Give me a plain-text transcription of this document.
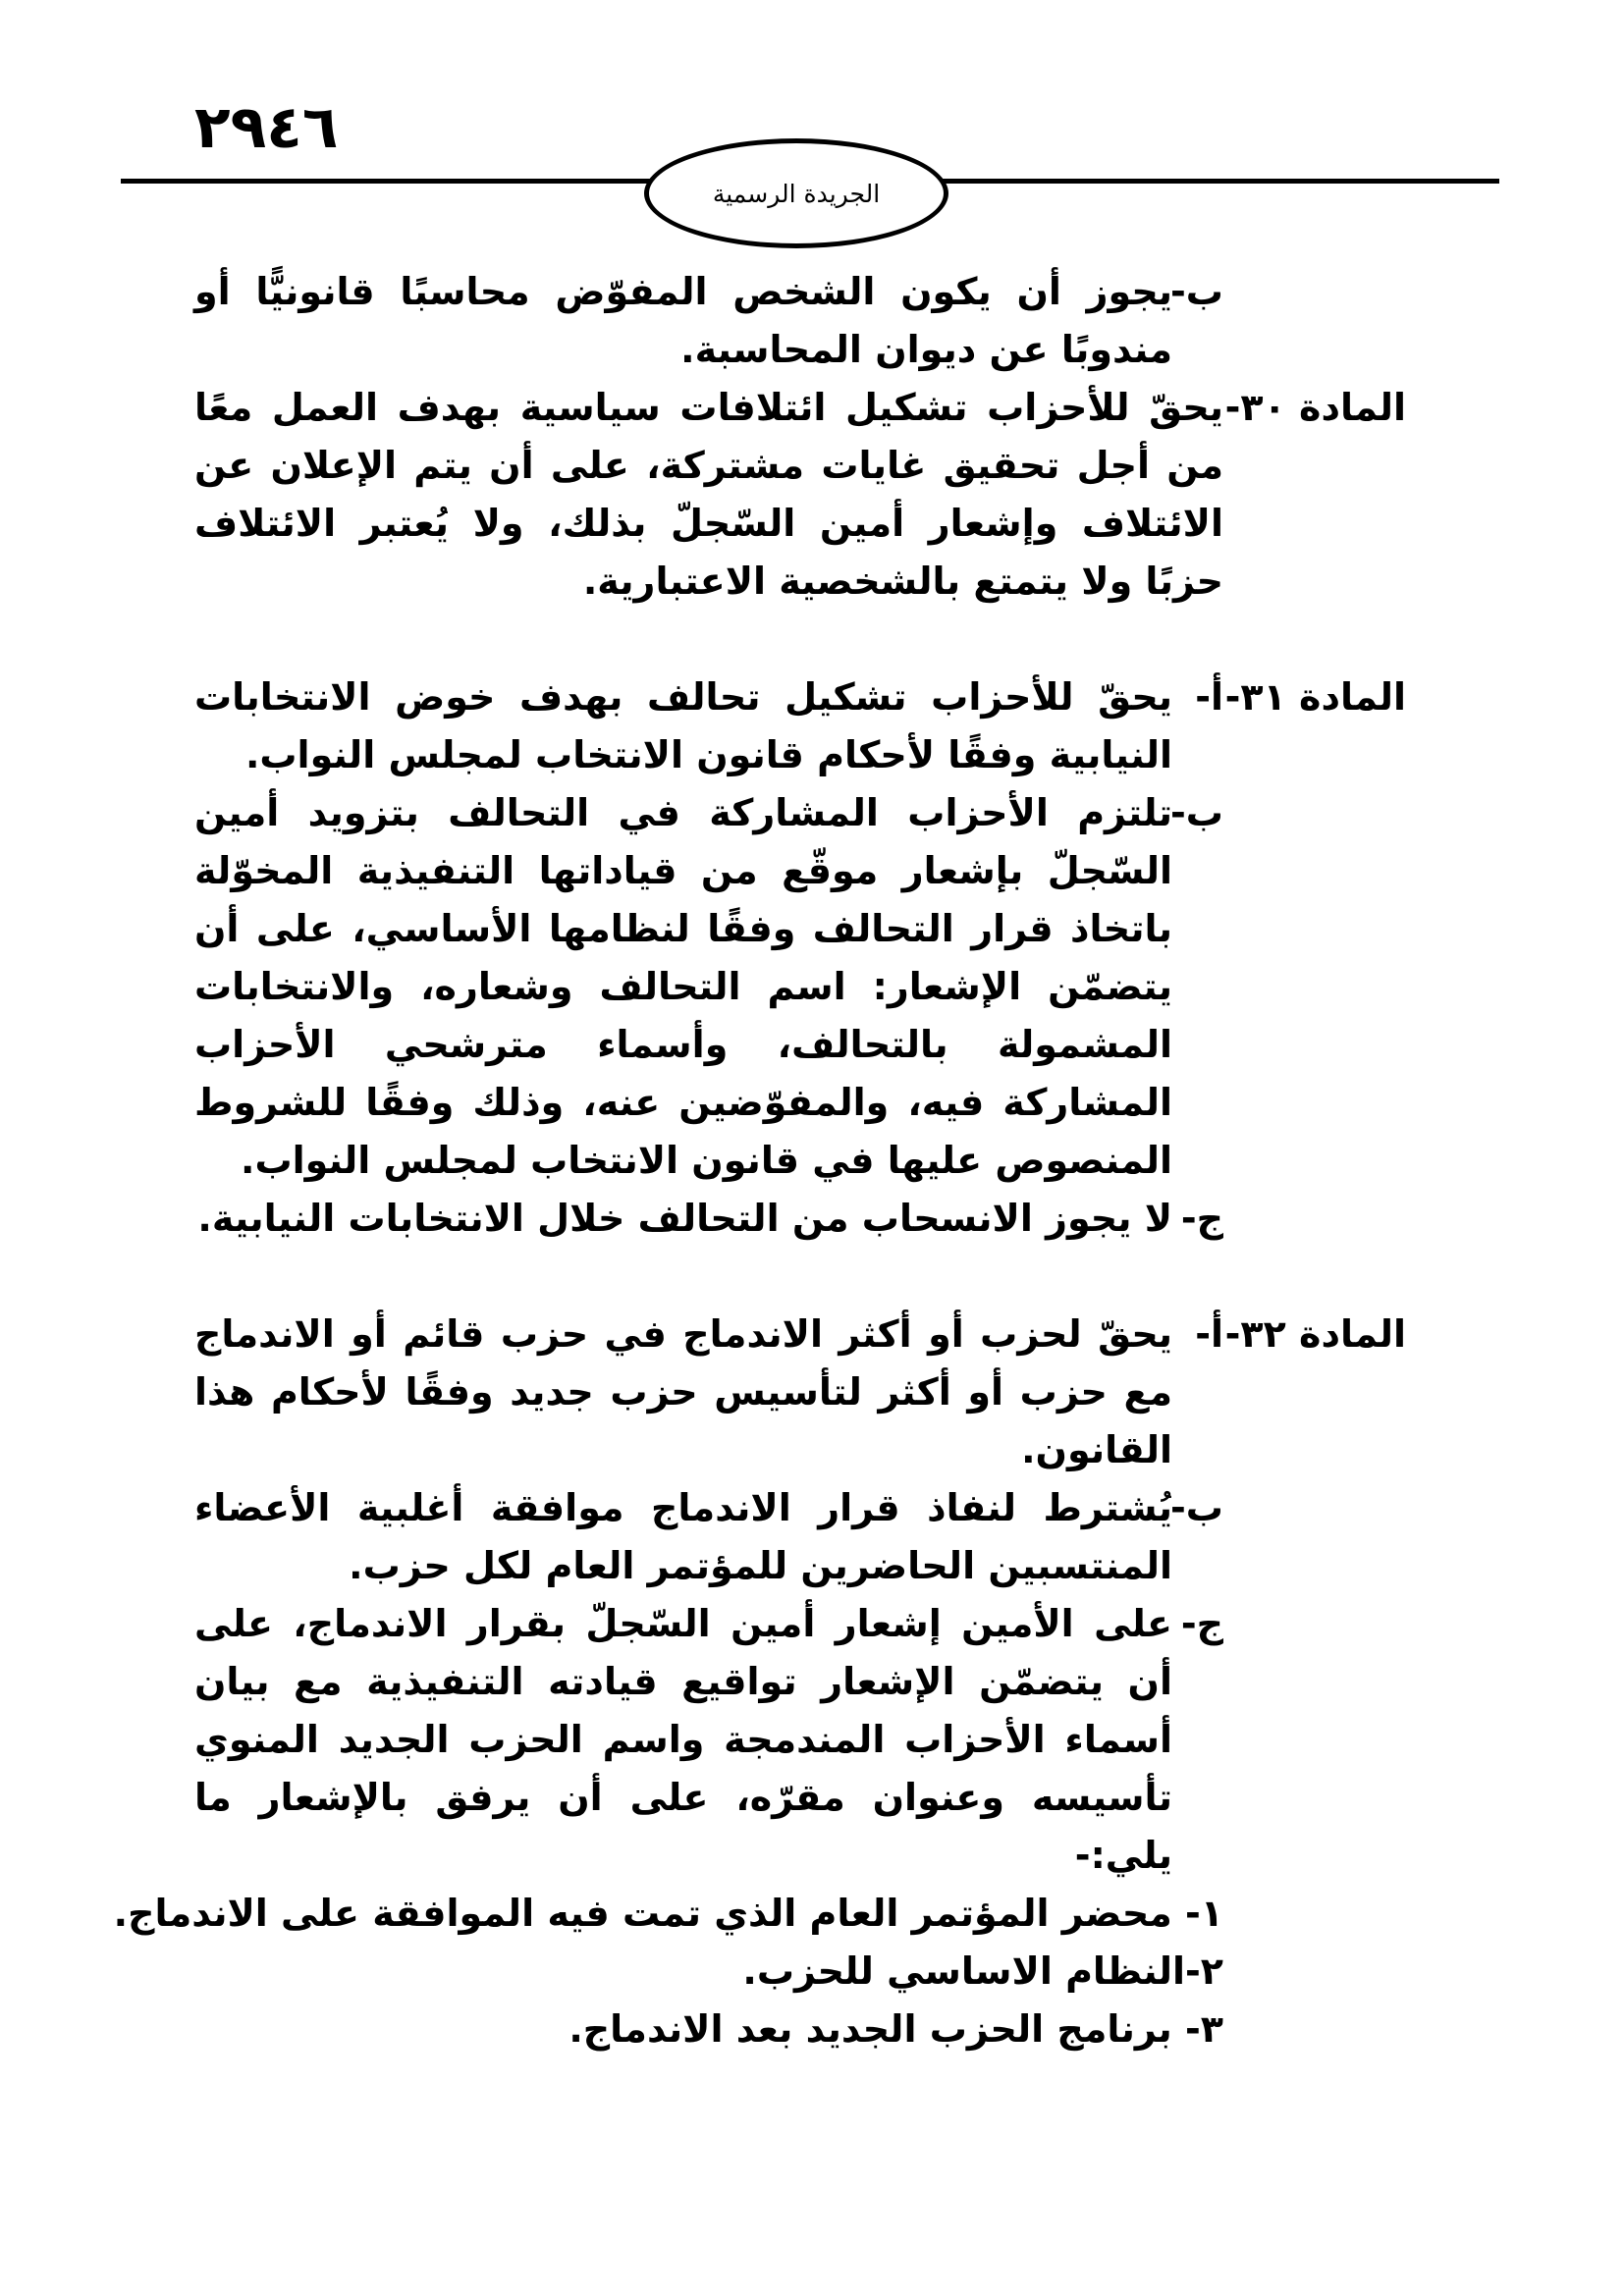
٢٩٤٦
الجريدة الرسمية
ب-
يجوز أن يكون الشخص المفوّض محاسبًا قانونيًّا أو مندوبًا عن ديوان المحاسبة.
المادة ٣٠-
يحقّ للأحزاب تشكيل ائتلافات سياسية بهدف العمل معًا من أجل تحقيق غايات مشتركة، على أن يتم الإعلان عن الائتلاف وإشعار أمين السّجلّ بذلك، ولا يُعتبر الائتلاف حزبًا ولا يتمتع بالشخصية الاعتبارية.
المادة ٣١-
أ-
يحقّ للأحزاب تشكيل تحالف بهدف خوض الانتخابات النيابية وفقًا لأحكام قانون الانتخاب لمجلس النواب.
ب-
تلتزم الأحزاب المشاركة في التحالف بتزويد أمين السّجلّ بإشعار موقّع من قياداتها التنفيذية المخوّلة باتخاذ قرار التحالف وفقًا لنظامها الأساسي، على أن يتضمّن الإشعار: اسم التحالف وشعاره، والانتخابات المشمولة بالتحالف، وأسماء مترشحي الأحزاب المشاركة فيه، والمفوّضين عنه، وذلك وفقًا للشروط المنصوص عليها في قانون الانتخاب لمجلس النواب.
ج-
لا يجوز الانسحاب من التحالف خلال الانتخابات النيابية.
المادة ٣٢-
أ-
يحقّ لحزب أو أكثر الاندماج في حزب قائم أو الاندماج مع حزب أو أكثر لتأسيس حزب جديد وفقًا لأحكام هذا القانون.
ب-
يُشترط لنفاذ قرار الاندماج موافقة أغلبية الأعضاء المنتسبين الحاضرين للمؤتمر العام لكل حزب.
ج-
على الأمين إشعار أمين السّجلّ بقرار الاندماج، على أن يتضمّن الإشعار تواقيع قيادته التنفيذية مع بيان أسماء الأحزاب المندمجة واسم الحزب الجديد المنوي تأسيسه وعنوان مقرّه، على أن يرفق بالإشعار ما يلي:-
١- محضر المؤتمر العام الذي تمت فيه الموافقة على الاندماج.
٢-النظام الاساسي للحزب.
٣- برنامج الحزب الجديد بعد الاندماج.
